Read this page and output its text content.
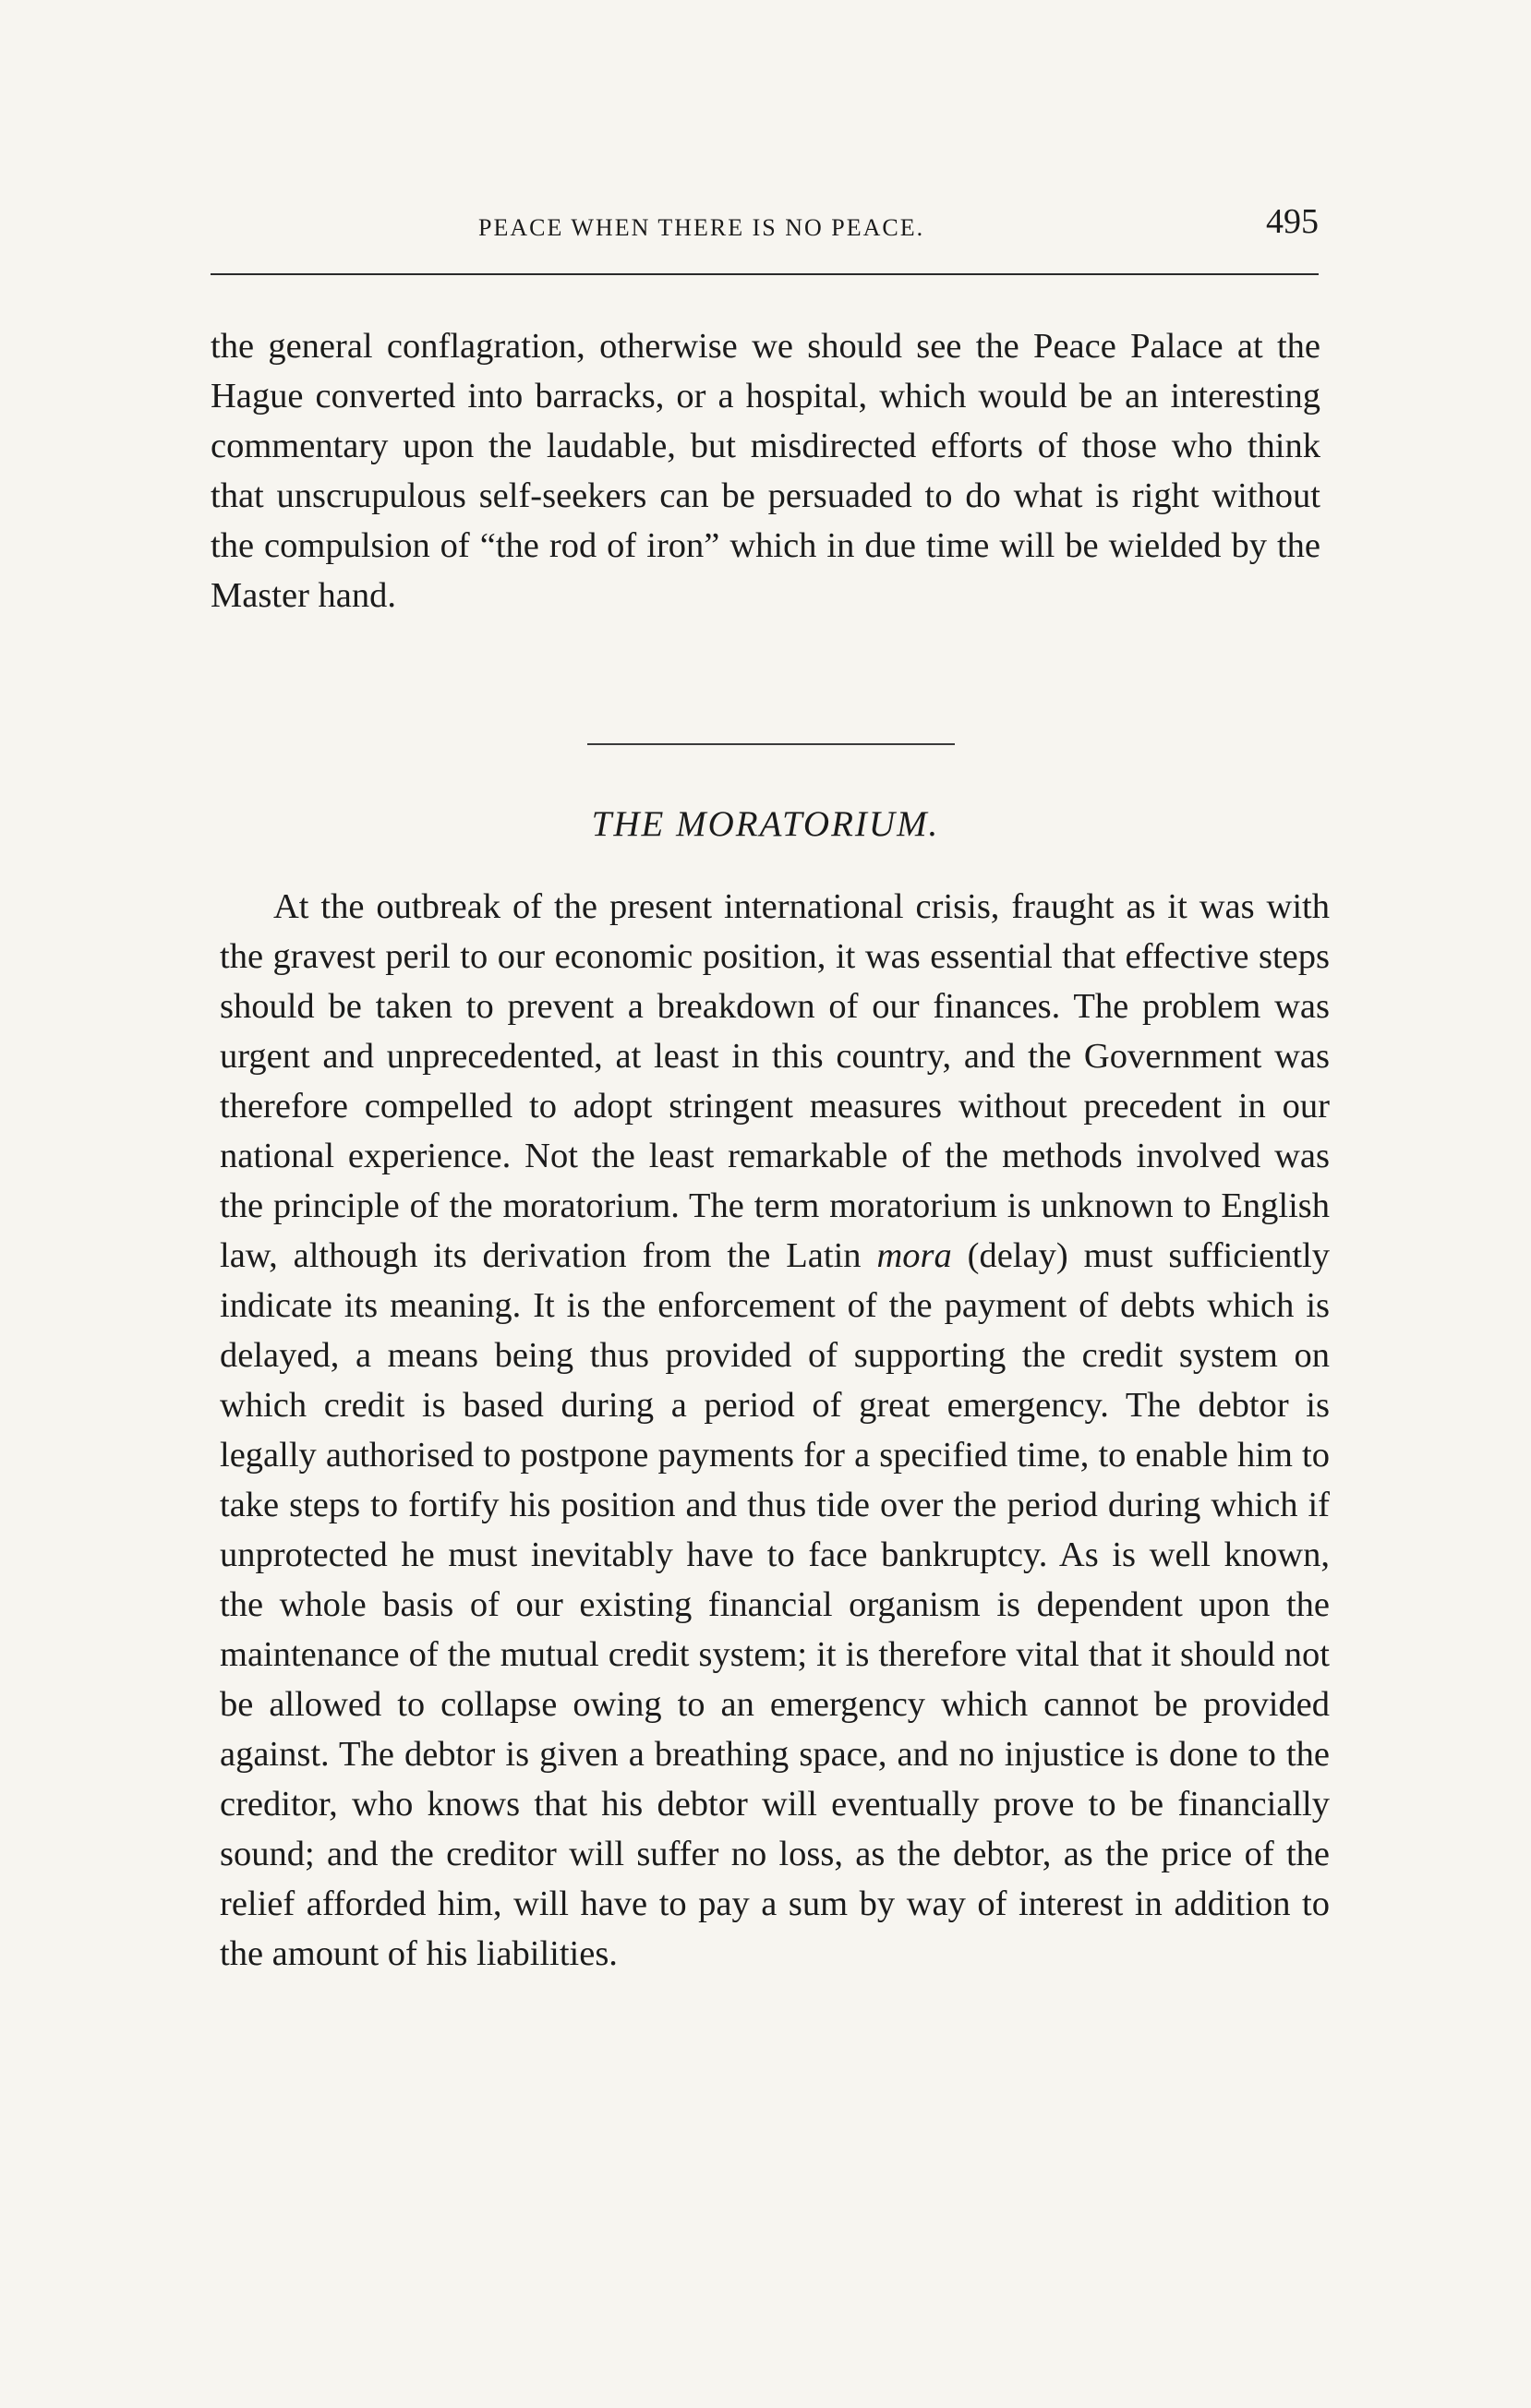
PEACE WHEN THERE IS NO PEACE.	495

the general conflagration, otherwise we should see the Peace Palace at the Hague converted into barracks, or a hospital, which would be an interesting commentary upon the laudable, but misdirected efforts of those who think that unscrupulous self-seekers can be persuaded to do what is right without the compulsion of “the rod of iron” which in due time will be wielded by the Master hand.

THE MORATORIUM.

At the outbreak of the present international crisis, fraught as it was with the gravest peril to our economic position, it was essential that effective steps should be taken to prevent a breakdown of our finances. The problem was urgent and unprecedented, at least in this country, and the Government was therefore compelled to adopt stringent measures without precedent in our national experience. Not the least remarkable of the methods involved was the principle of the moratorium. The term moratorium is unknown to English law, although its derivation from the Latin mora (delay) must sufficiently indicate its meaning. It is the enforcement of the payment of debts which is delayed, a means being thus provided of supporting the credit system on which credit is based during a period of great emergency. The debtor is legally authorised to postpone payments for a specified time, to enable him to take steps to fortify his position and thus tide over the period during which if unprotected he must inevitably have to face bankruptcy. As is well known, the whole basis of our existing financial organism is dependent upon the maintenance of the mutual credit system; it is therefore vital that it should not be allowed to collapse owing to an emergency which cannot be provided against. The debtor is given a breathing space, and no injustice is done to the creditor, who knows that his debtor will eventually prove to be financially sound; and the creditor will suffer no loss, as the debtor, as the price of the relief afforded him, will have to pay a sum by way of interest in addition to the amount of his liabilities.
